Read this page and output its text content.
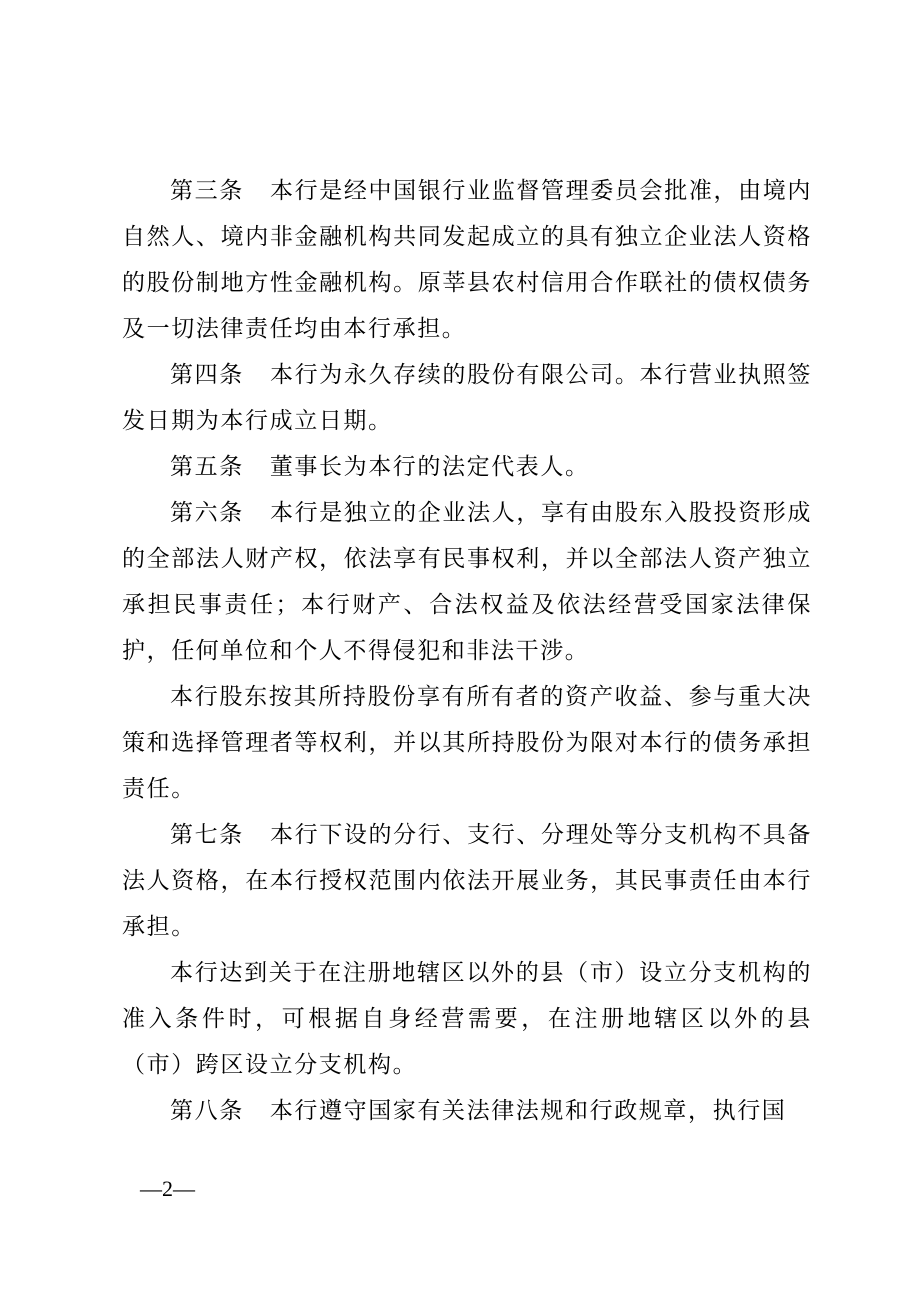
第三条 本行是经中国银行业监督管理委员会批准，由境内自然人、境内非金融机构共同发起成立的具有独立企业法人资格的股份制地方性金融机构。原莘县农村信用合作联社的债权债务及一切法律责任均由本行承担。

第四条 本行为永久存续的股份有限公司。本行营业执照签发日期为本行成立日期。

第五条 董事长为本行的法定代表人。

第六条 本行是独立的企业法人，享有由股东入股投资形成的全部法人财产权，依法享有民事权利，并以全部法人资产独立承担民事责任；本行财产、合法权益及依法经营受国家法律保护，任何单位和个人不得侵犯和非法干涉。

本行股东按其所持股份享有所有者的资产收益、参与重大决策和选择管理者等权利，并以其所持股份为限对本行的债务承担责任。

第七条 本行下设的分行、支行、分理处等分支机构不具备法人资格，在本行授权范围内依法开展业务，其民事责任由本行承担。

本行达到关于在注册地辖区以外的县（市）设立分支机构的准入条件时，可根据自身经营需要，在注册地辖区以外的县（市）跨区设立分支机构。

第八条 本行遵守国家有关法律法规和行政规章，执行国

—2—
